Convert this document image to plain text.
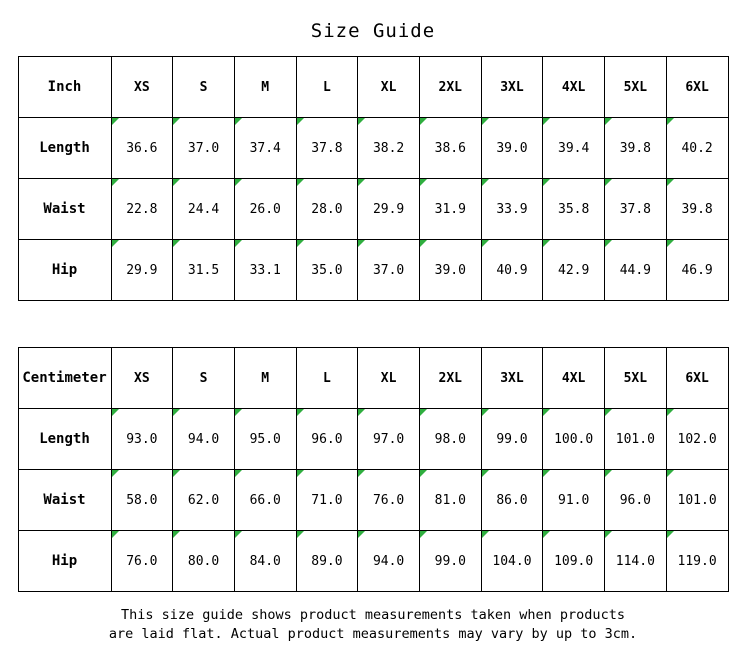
Size Guide
Inch	XS	S	M	L	XL	2XL	3XL	4XL	5XL	6XL
Length	36.6	37.0	37.4	37.8	38.2	38.6	39.0	39.4	39.8	40.2
Waist	22.8	24.4	26.0	28.0	29.9	31.9	33.9	35.8	37.8	39.8
Hip	29.9	31.5	33.1	35.0	37.0	39.0	40.9	42.9	44.9	46.9
Centimeter	XS	S	M	L	XL	2XL	3XL	4XL	5XL	6XL
Length	93.0	94.0	95.0	96.0	97.0	98.0	99.0	100.0	101.0	102.0
Waist	58.0	62.0	66.0	71.0	76.0	81.0	86.0	91.0	96.0	101.0
Hip	76.0	80.0	84.0	89.0	94.0	99.0	104.0	109.0	114.0	119.0
This size guide shows product measurements taken when products
are laid flat. Actual product measurements may vary by up to 3cm.
